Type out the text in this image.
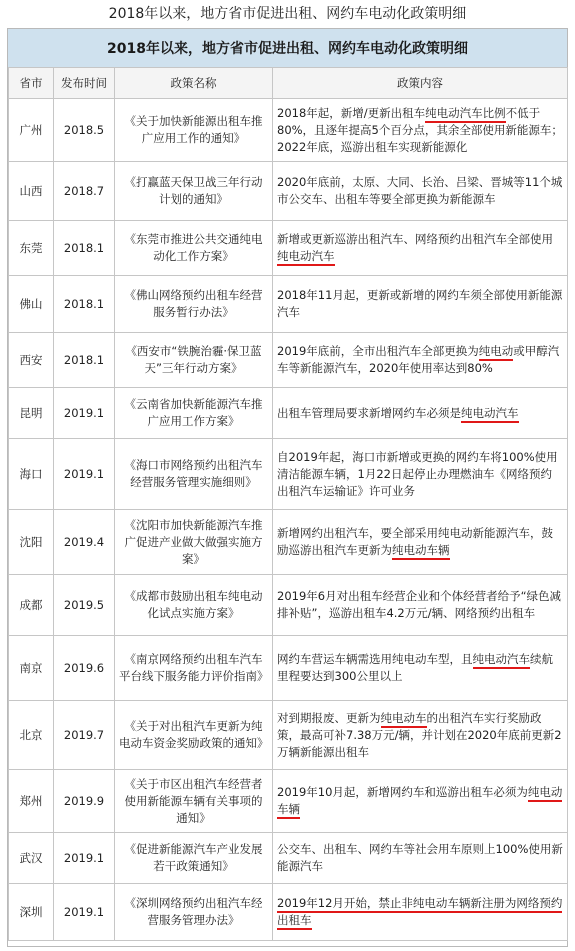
2018年以来，地方省市促进出租、网约车电动化政策明细
2018年以来，地方省市促进出租、网约车电动化政策明细
省市	发布时间	政策名称	政策内容
广州	2018.5	《关于加快新能源出租车推广应用工作的通知》	2018年起，新增/更新出租车纯电动汽车比例不低于80%，且逐年提高5个百分点，其余全部使用新能源车；2022年底，巡游出租车实现新能源化
山西	2018.7	《打赢蓝天保卫战三年行动计划的通知》	2020年底前，太原、大同、长治、吕梁、晋城等11个城市公交车、出租车等要全部更换为新能源车
东莞	2018.1	《东莞市推进公共交通纯电动化工作方案》	新增或更新巡游出租汽车、网络预约出租汽车全部使用纯电动汽车
佛山	2018.1	《佛山网络预约出租车经营服务暂行办法》	2018年11月起，更新或新增的网约车须全部使用新能源汽车
西安	2018.1	《西安市“铁腕治霾·保卫蓝天”三年行动方案》	2019年底前，全市出租汽车全部更换为纯电动或甲醇汽车等新能源汽车，2020年使用率达到80%
昆明	2019.1	《云南省加快新能源汽车推广应用工作方案》	出租车管理局要求新增网约车必须是纯电动汽车
海口	2019.1	《海口市网络预约出租汽车经营服务管理实施细则》	自2019年起，海口市新增或更换的网约车将100%使用清洁能源车辆，1月22日起停止办理燃油车《网络预约出租汽车运输证》许可业务
沈阳	2019.4	《沈阳市加快新能源汽车推广促进产业做大做强实施方案》	新增网约出租汽车，要全部采用纯电动新能源汽车，鼓励巡游出租汽车更新为纯电动车辆
成都	2019.5	《成都市鼓励出租车纯电动化试点实施方案》	2019年6月对出租车经营企业和个体经营者给予“绿色减排补贴”，巡游出租车4.2万元/辆、网络预约出租车
南京	2019.6	《南京网络预约出租车汽车平台线下服务能力评价指南》	网约车营运车辆需选用纯电动车型，且纯电动汽车续航里程要达到300公里以上
北京	2019.7	《关于对出租汽车更新为纯电动车资金奖励政策的通知》	对到期报废、更新为纯电动车的出租汽车实行奖励政策，最高可补7.38万元/辆，并计划在2020年底前更新2万辆新能源出租车
郑州	2019.9	《关于市区出租汽车经营者使用新能源车辆有关事项的通知》	2019年10月起，新增网约车和巡游出租车必须为纯电动车辆
武汉	2019.1	《促进新能源汽车产业发展若干政策通知》	公交车、出租车、网约车等社会用车原则上100%使用新能源汽车
深圳	2019.1	《深圳网络预约出租汽车经营服务管理办法》	2019年12月开始，禁止非纯电动车辆新注册为网络预约出租车
